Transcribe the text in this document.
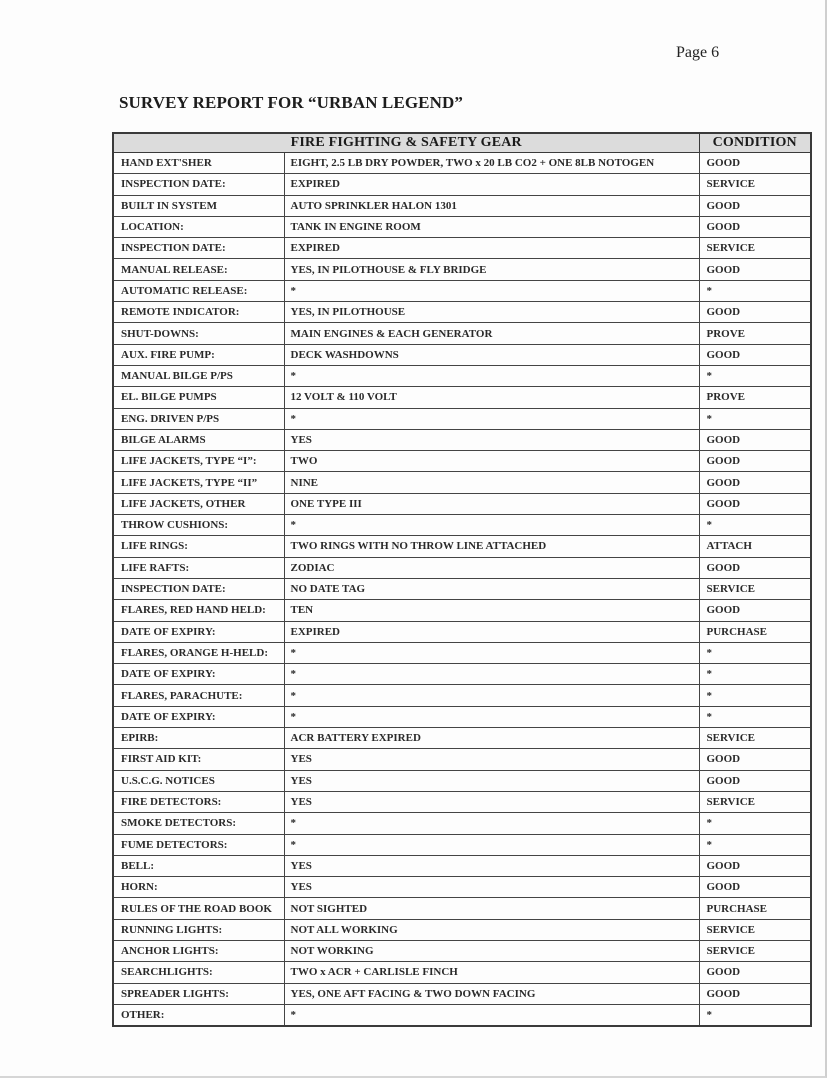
Page 6
SURVEY REPORT FOR “URBAN LEGEND”
FIRE FIGHTING & SAFETY GEAR		CONDITION
HAND EXT'SHER	EIGHT, 2.5 LB DRY POWDER, TWO x 20 LB CO2 + ONE 8LB NOTOGEN	GOOD
INSPECTION DATE:	EXPIRED	SERVICE
BUILT IN SYSTEM	AUTO SPRINKLER HALON 1301	GOOD
LOCATION:	TANK IN ENGINE ROOM	GOOD
INSPECTION DATE:	EXPIRED	SERVICE
MANUAL RELEASE:	YES, IN PILOTHOUSE & FLY BRIDGE	GOOD
AUTOMATIC RELEASE:	*	*
REMOTE INDICATOR:	YES, IN PILOTHOUSE	GOOD
SHUT-DOWNS:	MAIN ENGINES & EACH GENERATOR	PROVE
AUX. FIRE PUMP:	DECK WASHDOWNS	GOOD
MANUAL BILGE P/PS	*	*
EL. BILGE PUMPS	12 VOLT & 110 VOLT	PROVE
ENG. DRIVEN P/PS	*	*
BILGE ALARMS	YES	GOOD
LIFE JACKETS, TYPE “I”:	TWO	GOOD
LIFE JACKETS, TYPE “II”	NINE	GOOD
LIFE JACKETS, OTHER	ONE TYPE III	GOOD
THROW CUSHIONS:	*	*
LIFE RINGS:	TWO RINGS WITH NO THROW LINE ATTACHED	ATTACH
LIFE RAFTS:	ZODIAC	GOOD
INSPECTION DATE:	NO DATE TAG	SERVICE
FLARES, RED HAND HELD:	TEN	GOOD
DATE OF EXPIRY:	EXPIRED	PURCHASE
FLARES, ORANGE H-HELD:	*	*
DATE OF EXPIRY:	*	*
FLARES, PARACHUTE:	*	*
DATE OF EXPIRY:	*	*
EPIRB:	ACR BATTERY EXPIRED	SERVICE
FIRST AID KIT:	YES	GOOD
U.S.C.G. NOTICES	YES	GOOD
FIRE DETECTORS:	YES	SERVICE
SMOKE DETECTORS:	*	*
FUME DETECTORS:	*	*
BELL:	YES	GOOD
HORN:	YES	GOOD
RULES OF THE ROAD BOOK	NOT SIGHTED	PURCHASE
RUNNING LIGHTS:	NOT ALL WORKING	SERVICE
ANCHOR LIGHTS:	NOT WORKING	SERVICE
SEARCHLIGHTS:	TWO x ACR + CARLISLE FINCH	GOOD
SPREADER LIGHTS:	YES, ONE AFT FACING & TWO DOWN FACING	GOOD
OTHER:	*	*
